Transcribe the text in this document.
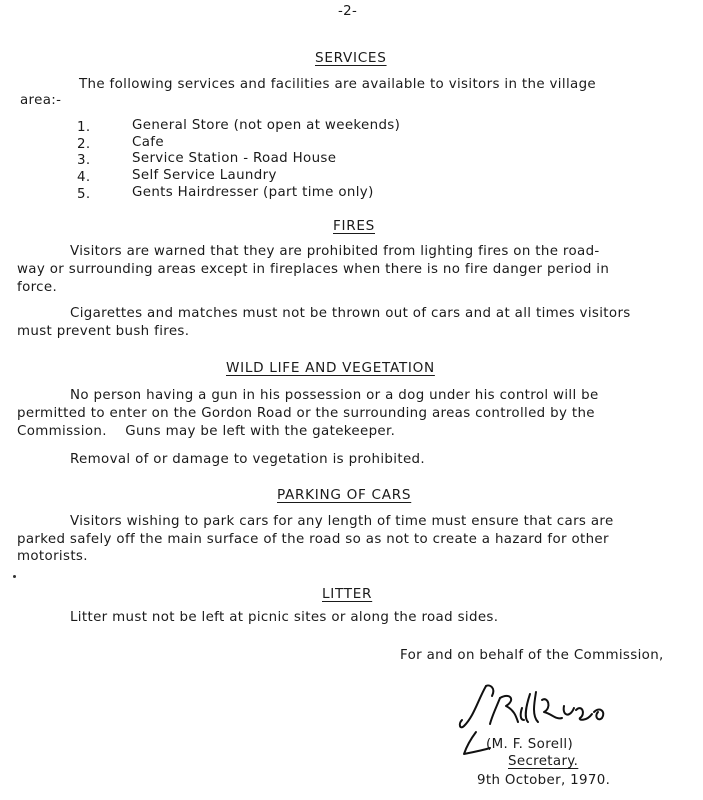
-2-
SERVICES
The following services and facilities are available to visitors in the village
area:-
1.	General Store (not open at weekends)
2.	Cafe
3.	Service Station - Road House
4.	Self Service Laundry
5.	Gents Hairdresser (part time only)
FIRES
Visitors are warned that they are prohibited from lighting fires on the road-
way or surrounding areas except in fireplaces when there is no fire danger period in
force.
Cigarettes and matches must not be thrown out of cars and at all times visitors
must prevent bush fires.
WILD LIFE AND VEGETATION
No person having a gun in his possession or a dog under his control will be
permitted to enter on the Gordon Road or the surrounding areas controlled by the
Commission.    Guns may be left with the gatekeeper.
Removal of or damage to vegetation is prohibited.
PARKING OF CARS
Visitors wishing to park cars for any length of time must ensure that cars are
parked safely off the main surface of the road so as not to create a hazard for other
motorists.
LITTER
Litter must not be left at picnic sites or along the road sides.
For and on behalf of the Commission,
(M. F. Sorell)
Secretary.
9th October, 1970.
